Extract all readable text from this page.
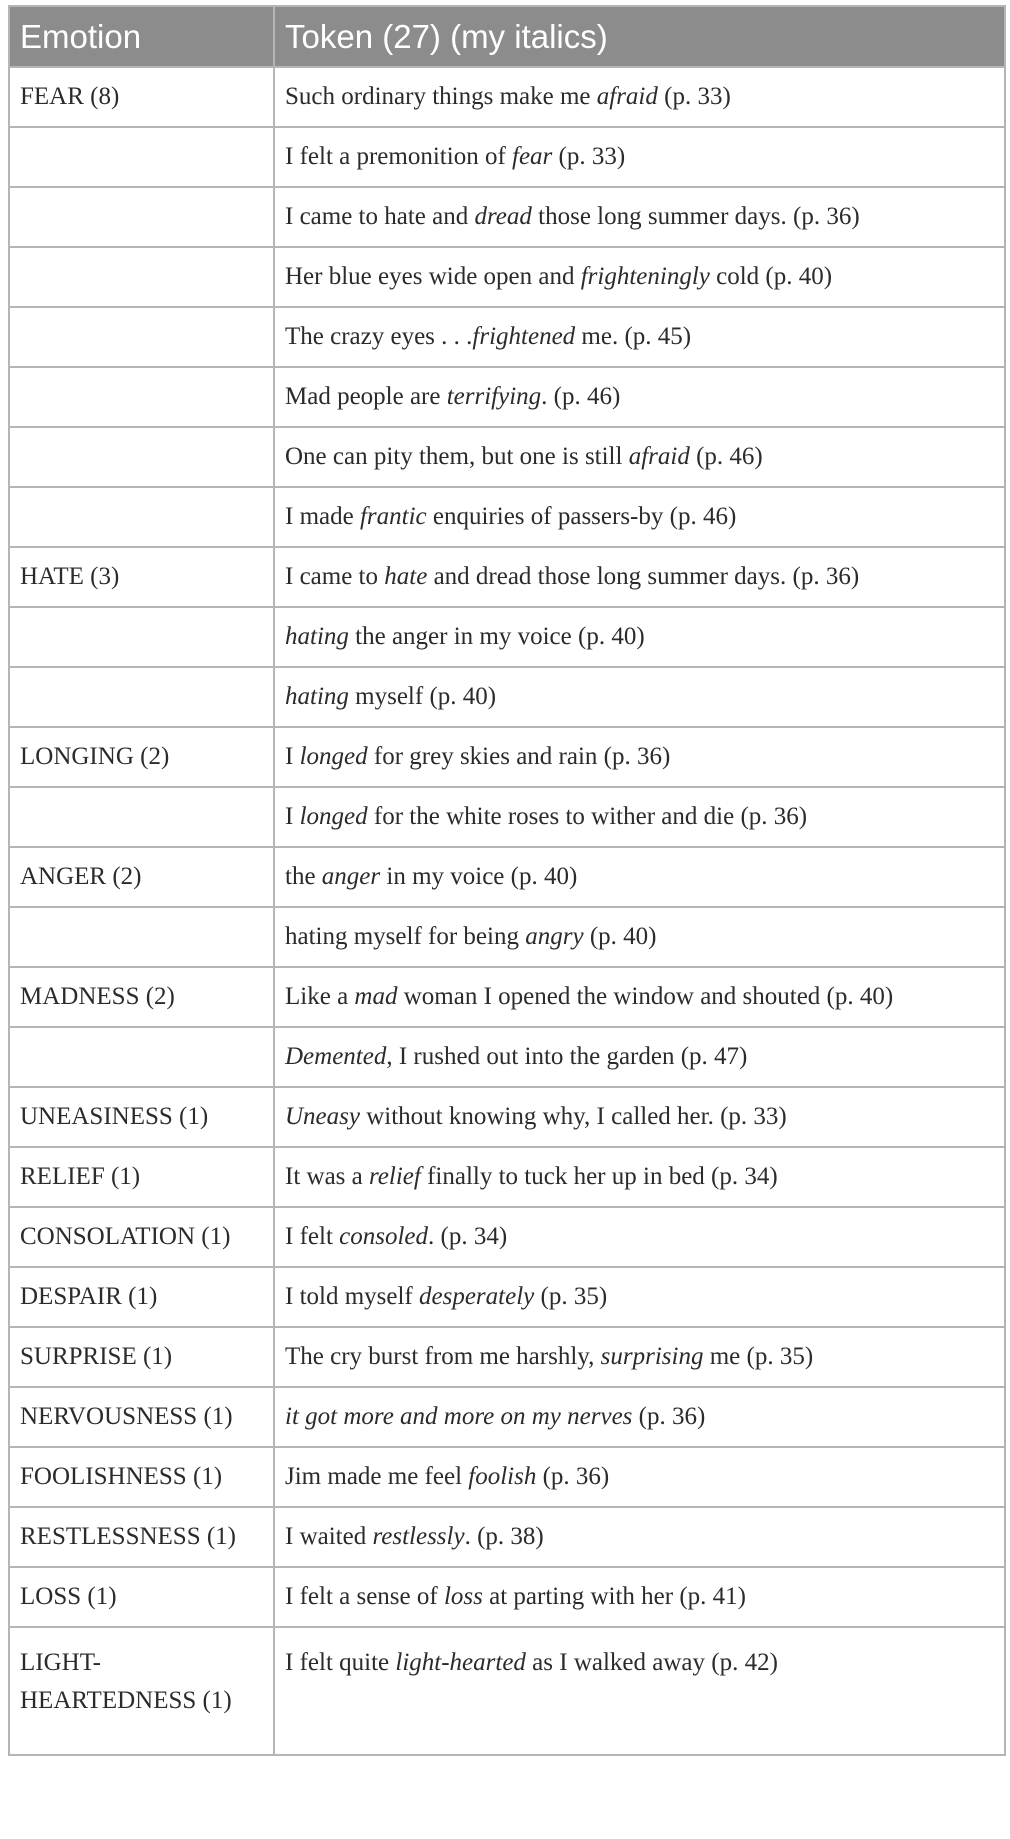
Emotion	Token (27) (my italics)
FEAR (8)	Such ordinary things make me afraid (p. 33)
	I felt a premonition of fear (p. 33)
	I came to hate and dread those long summer days. (p. 36)
	Her blue eyes wide open and frighteningly cold (p. 40)
	The crazy eyes . . .frightened me. (p. 45)
	Mad people are terrifying. (p. 46)
	One can pity them, but one is still afraid (p. 46)
	I made frantic enquiries of passers-by (p. 46)
HATE (3)	I came to hate and dread those long summer days. (p. 36)
	hating the anger in my voice (p. 40)
	hating myself (p. 40)
LONGING (2)	I longed for grey skies and rain (p. 36)
	I longed for the white roses to wither and die (p. 36)
ANGER (2)	the anger in my voice (p. 40)
	hating myself for being angry (p. 40)
MADNESS (2)	Like a mad woman I opened the window and shouted (p. 40)
	Demented, I rushed out into the garden (p. 47)
UNEASINESS (1)	Uneasy without knowing why, I called her. (p. 33)
RELIEF (1)	It was a relief finally to tuck her up in bed (p. 34)
CONSOLATION (1)	I felt consoled. (p. 34)
DESPAIR (1)	I told myself desperately (p. 35)
SURPRISE (1)	The cry burst from me harshly, surprising me (p. 35)
NERVOUSNESS (1)	it got more and more on my nerves (p. 36)
FOOLISHNESS (1)	Jim made me feel foolish (p. 36)
RESTLESSNESS (1)	I waited restlessly. (p. 38)
LOSS (1)	I felt a sense of loss at parting with her (p. 41)
LIGHT-HEARTEDNESS (1)	I felt quite light-hearted as I walked away (p. 42)
